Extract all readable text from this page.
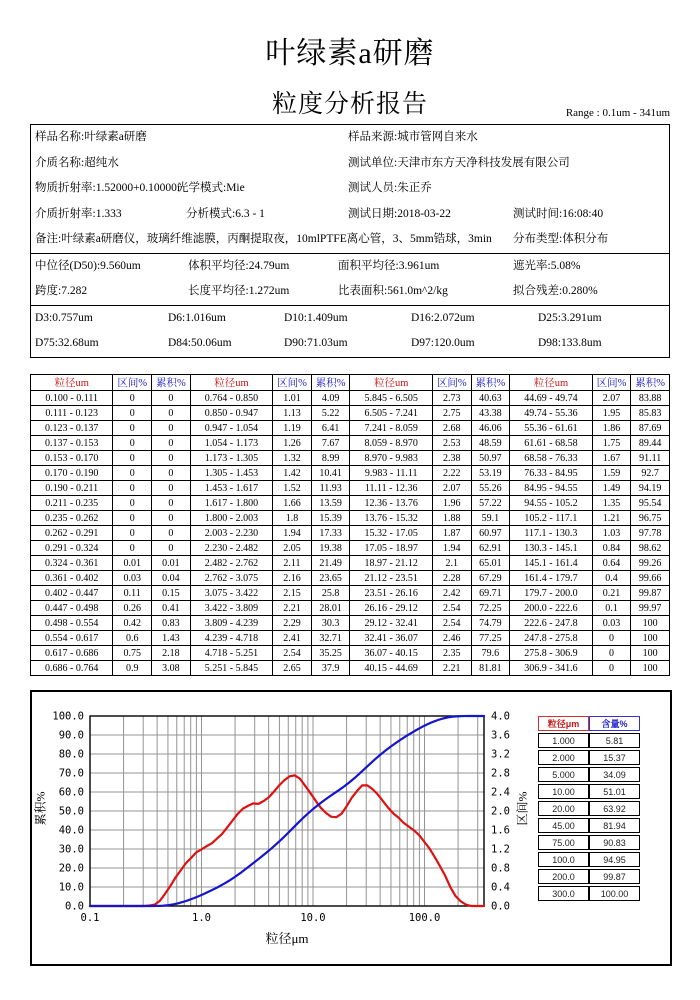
叶绿素a研磨
粒度分析报告	Range : 0.1um - 341um
样品名称:叶绿素a研磨	样品来源:城市管网自来水
介质名称:超纯水	测试单位:天津市东方天净科技发展有限公司
物质折射率:1.52000+0.10000i
光学模式:Mie	测试人员:朱正乔
介质折射率:1.333	分析模式:6.3 - 1	测试日期:2018-03-22	测试时间:16:08:40
备注:叶绿素a研磨仪，玻璃纤维滤膜，丙酮提取夜，10mlPTFE离心管，3、5mm锆球，3min 分布类型:体积分布
中位径(D50):9.560um	体积平均径:24.79um	面积平均径:3.961um	遮光率:5.08%
跨度:7.282	长度平均径:1.272um	比表面积:561.0m^2/kg	拟合残差:0.280%
D3:0.757um	D6:1.016um	D10:1.409um	D16:2.072um	D25:3.291um
D75:32.68um	D84:50.06um	D90:71.03um	D97:120.0um	D98:133.8um
粒径um	区间%	累积%	粒径um	区间%	累积%	粒径um	区间%	累积%	粒径um	区间%	累积%
0.100 - 0.111	0	0	0.764 - 0.850	1.01	4.09	5.845 - 6.505	2.73	40.63	44.69 - 49.74	2.07	83.88
0.111 - 0.123	0	0	0.850 - 0.947	1.13	5.22	6.505 - 7.241	2.75	43.38	49.74 - 55.36	1.95	85.83
0.123 - 0.137	0	0	0.947 - 1.054	1.19	6.41	7.241 - 8.059	2.68	46.06	55.36 - 61.61	1.86	87.69
0.137 - 0.153	0	0	1.054 - 1.173	1.26	7.67	8.059 - 8.970	2.53	48.59	61.61 - 68.58	1.75	89.44
0.153 - 0.170	0	0	1.173 - 1.305	1.32	8.99	8.970 - 9.983	2.38	50.97	68.58 - 76.33	1.67	91.11
0.170 - 0.190	0	0	1.305 - 1.453	1.42	10.41	9.983 - 11.11	2.22	53.19	76.33 - 84.95	1.59	92.7
0.190 - 0.211	0	0	1.453 - 1.617	1.52	11.93	11.11 - 12.36	2.07	55.26	84.95 - 94.55	1.49	94.19
0.211 - 0.235	0	0	1.617 - 1.800	1.66	13.59	12.36 - 13.76	1.96	57.22	94.55 - 105.2	1.35	95.54
0.235 - 0.262	0	0	1.800 - 2.003	1.8	15.39	13.76 - 15.32	1.88	59.1	105.2 - 117.1	1.21	96.75
0.262 - 0.291	0	0	2.003 - 2.230	1.94	17.33	15.32 - 17.05	1.87	60.97	117.1 - 130.3	1.03	97.78
0.291 - 0.324	0	0	2.230 - 2.482	2.05	19.38	17.05 - 18.97	1.94	62.91	130.3 - 145.1	0.84	98.62
0.324 - 0.361	0.01	0.01	2.482 - 2.762	2.11	21.49	18.97 - 21.12	2.1	65.01	145.1 - 161.4	0.64	99.26
0.361 - 0.402	0.03	0.04	2.762 - 3.075	2.16	23.65	21.12 - 23.51	2.28	67.29	161.4 - 179.7	0.4	99.66
0.402 - 0.447	0.11	0.15	3.075 - 3.422	2.15	25.8	23.51 - 26.16	2.42	69.71	179.7 - 200.0	0.21	99.87
0.447 - 0.498	0.26	0.41	3.422 - 3.809	2.21	28.01	26.16 - 29.12	2.54	72.25	200.0 - 222.6	0.1	99.97
0.498 - 0.554	0.42	0.83	3.809 - 4.239	2.29	30.3	29.12 - 32.41	2.54	74.79	222.6 - 247.8	0.03	100
0.554 - 0.617	0.6	1.43	4.239 - 4.718	2.41	32.71	32.41 - 36.07	2.46	77.25	247.8 - 275.8	0	100
0.617 - 0.686	0.75	2.18	4.718 - 5.251	2.54	35.25	36.07 - 40.15	2.35	79.6	275.8 - 306.9	0	100
0.686 - 0.764	0.9	3.08	5.251 - 5.845	2.65	37.9	40.15 - 44.69	2.21	81.81	306.9 - 341.6	0	100
0.0
10.0
20.0
30.0
40.0
50.0
60.0
70.0
80.0
90.0
100.0
0.0
0.4
0.8
1.2
1.6
2.0
2.4
2.8
3.2
3.6
4.0
0.1	1.0	10.0	100.0
粒径μm
累积%	区间%
粒径μm	含量%
1.000	5.81
2.000	15.37
5.000	34.09
10.00	51.01
20.00	63.92
45.00	81.94
75.00	90.83
100.0	94.95
200.0	99.87
300.0	100.00
